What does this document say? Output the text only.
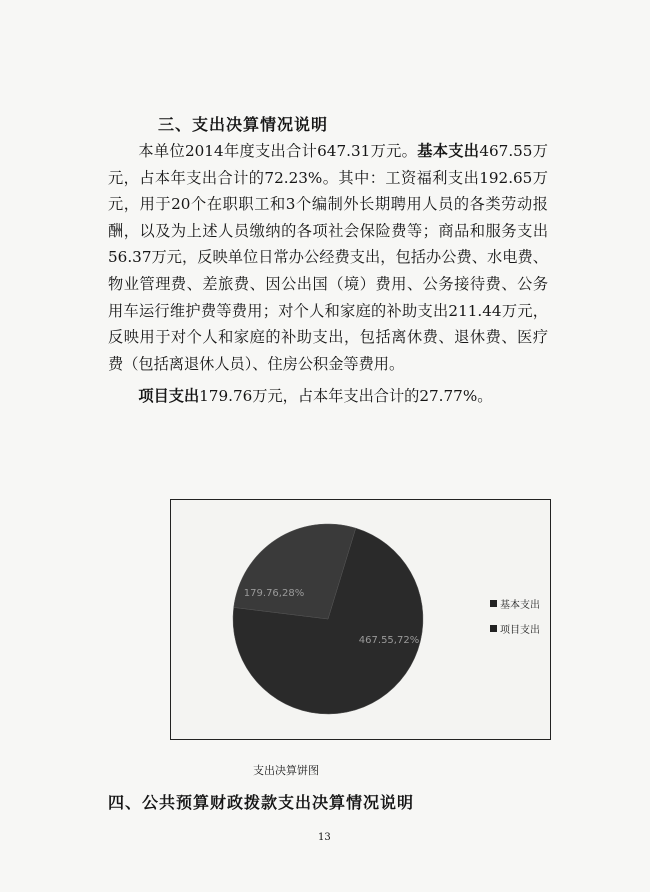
三、支出决算情况说明

本单位2014年度支出合计647.31万元。基本支出467.55万元，占本年支出合计的72.23%。其中：工资福利支出192.65万元，用于20个在职职工和3个编制外长期聘用人员的各类劳动报酬，以及为上述人员缴纳的各项社会保险费等；商品和服务支出56.37万元，反映单位日常办公经费支出，包括办公费、水电费、物业管理费、差旅费、因公出国（境）费用、公务接待费、公务用车运行维护费等费用；对个人和家庭的补助支出211.44万元，反映用于对个人和家庭的补助支出，包括离休费、退休费、医疗费（包括离退休人员）、住房公积金等费用。

项目支出179.76万元，占本年支出合计的27.77%。

467.55,72%
179.76,28%
基本支出
项目支出
支出决算饼图
四、公共预算财政拨款支出决算情况说明
13
